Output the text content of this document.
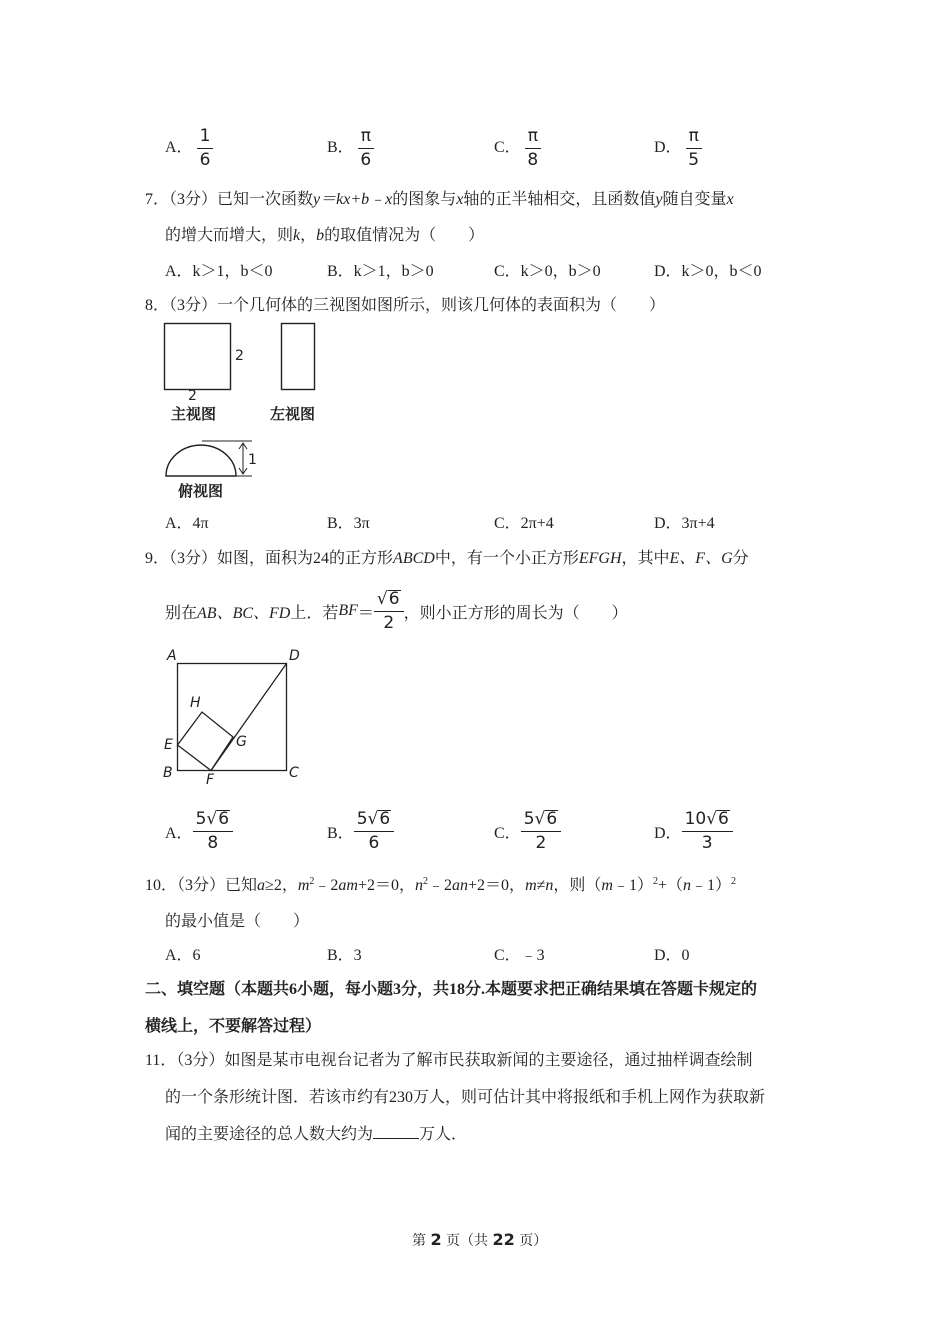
A． $\frac{1}{6}$	B． $\frac{\pi}{6}$	C． $\frac{\pi}{8}$	D． $\frac{\pi}{5}$
7．（3分）已知一次函数y＝kx+b﹣x的图象与x轴的正半轴相交，且函数值y随自变量x
的增大而增大，则k，b的取值情况为（　　）
A．k＞1，b＜0	B．k＞1，b＞0	C．k＞0，b＞0	D．k＞0，b＜0
8．（3分）一个几何体的三视图如图所示，则该几何体的表面积为（　　）
2
2
主视图	左视图
1
俯视图
A．4π	B．3π	C．2π+4	D．3π+4
9．（3分）如图，面积为24的正方形ABCD中，有一个小正方形EFGH，其中E、F、G分
别在 AB、BC、FD 上．若 BF ＝ $\frac{√ 6}{2}$ ，则小正方形的周长为（　　）
A	D
H
E	G
B F	C
A． $\frac{5 √ 6}{8}$	B． $\frac{5 √ 6}{6}$	C． $\frac{5 √ 6}{2}$	D． $\frac{10 √ 6}{3}$
10．（3分）已知a≥2，$m^2﹣2am+2=0$，$n^2﹣2an+2=0$，m≠n，则（m﹣1）$^2$+（n﹣1）$^2$
的最小值是（　　）
A．6	B．3	C．﹣3	D．0
二、填空题（本题共6小题，每小题3分，共18分.本题要求把正确结果填在答题卡规定的
横线上，不要解答过程）
11．（3分）如图是某市电视台记者为了解市民获取新闻的主要途径，通过抽样调查绘制
的一个条形统计图．若该市约有230万人，则可估计其中将报纸和手机上网作为获取新
闻的主要途径的总人数大约为	万人．
第 2 页（共 22 页）
